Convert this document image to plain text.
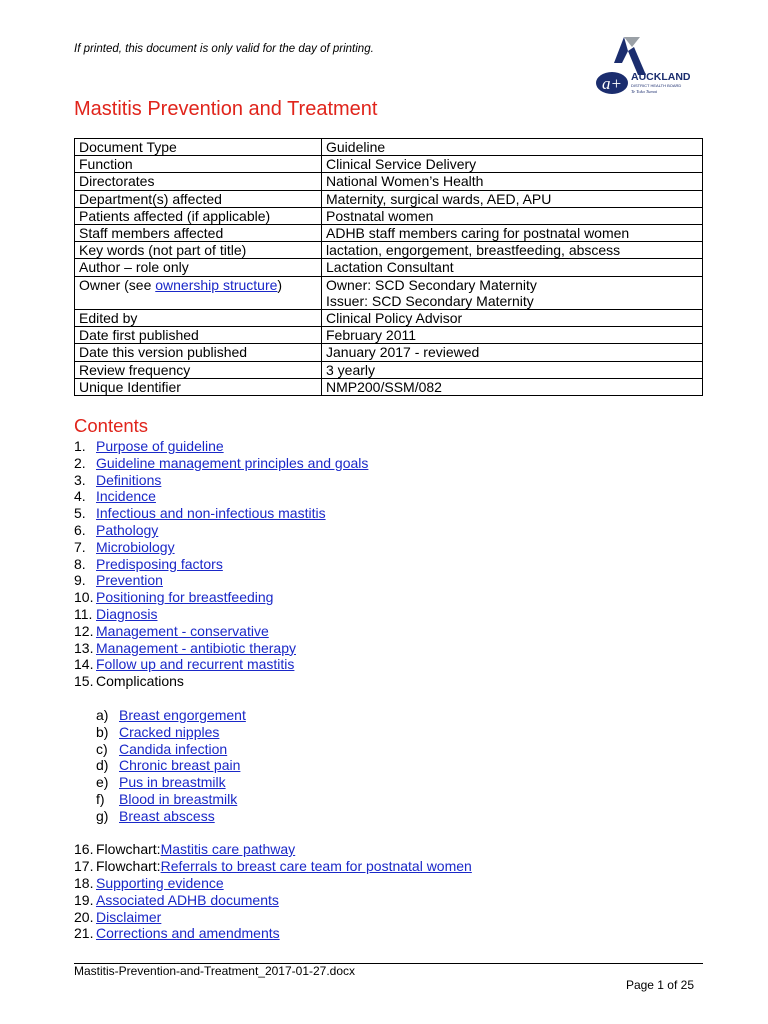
If printed, this document is only valid for the day of printing.
a+ AUCKLAND
DISTRICT HEALTH BOARD
Te Toka Tumai
Mastitis Prevention and Treatment
Document Type	Guideline
Function	Clinical Service Delivery
Directorates	National Women’s Health
Department(s) affected	Maternity, surgical wards, AED, APU
Patients affected (if applicable)	Postnatal women
Staff members affected	ADHB staff members caring for postnatal women
Key words (not part of title)	lactation, engorgement, breastfeeding, abscess
Author – role only	Lactation Consultant
Owner (see ownership structure)	Owner: SCD Secondary Maternity
Issuer: SCD Secondary Maternity

Edited by	Clinical Policy Advisor
Date first published	February 2011
Date this version published	January 2017 - reviewed
Review frequency	3 yearly
Unique Identifier	NMP200/SSM/082
Contents
1. Purpose of guideline
2. Guideline management principles and goals
3. Definitions
4. Incidence
5. Infectious and non-infectious mastitis
6. Pathology
7. Microbiology
8. Predisposing factors
9. Prevention
10. Positioning for breastfeeding
11. Diagnosis
12. Management - conservative
13. Management - antibiotic therapy
14. Follow up and recurrent mastitis
15. Complications
a) Breast engorgement
b) Cracked nipples
c) Candida infection
d) Chronic breast pain
e) Pus in breastmilk
f)	Blood in breastmilk
g) Breast abscess
16. Flowchart: Mastitis care pathway
17. Flowchart: Referrals to breast care team for postnatal women
18. Supporting evidence
19. Associated ADHB documents
20. Disclaimer
21. Corrections and amendments
Mastitis-Prevention-and-Treatment_2017-01-27.docx
Page 1 of 25
